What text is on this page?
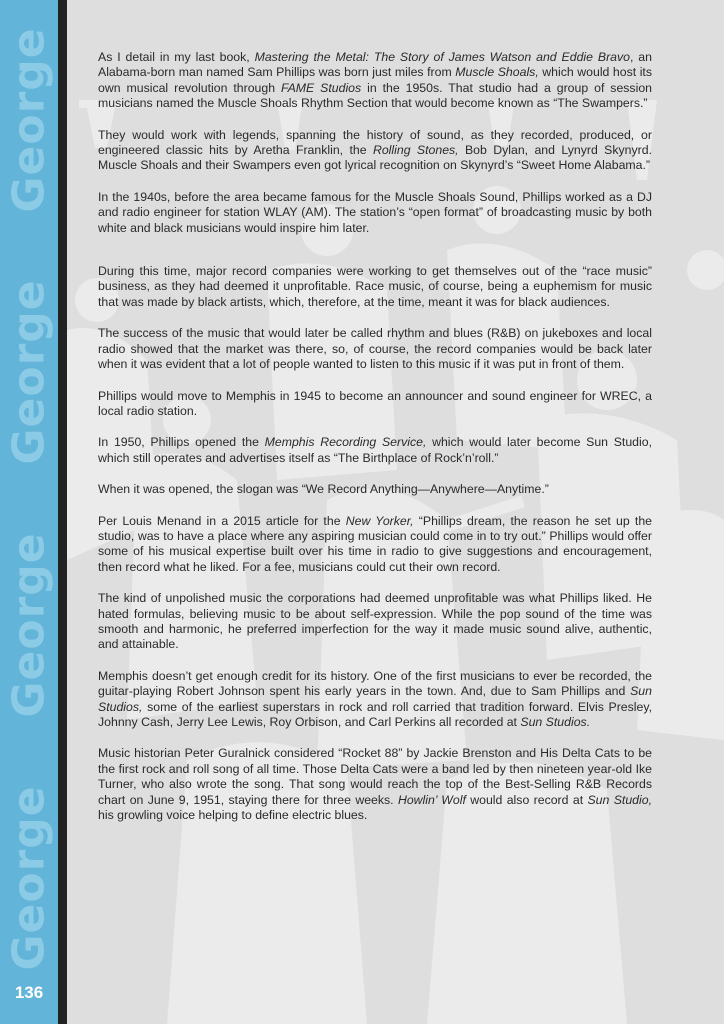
George
George
George
George
136

As I detail in my last book, Mastering the Metal: The Story of James Watson and Eddie Bravo, an Alabama-born man named Sam Phillips was born just miles from Muscle Shoals, which would host its own musical revolution through FAME Studios in the 1950s. That studio had a group of session musicians named the Muscle Shoals Rhythm Section that would become known as “The Swampers.”

They would work with legends, spanning the history of sound, as they recorded, produced, or engineered classic hits by Aretha Franklin, the Rolling Stones, Bob Dylan, and Lynyrd Skynyrd. Muscle Shoals and their Swampers even got lyrical recognition on Skynyrd’s “Sweet Home Alabama.”

In the 1940s, before the area became famous for the Muscle Shoals Sound, Phillips worked as a DJ and radio engineer for station WLAY (AM). The station’s “open format” of broadcasting music by both white and black musicians would inspire him later.

During this time, major record companies were working to get themselves out of the “race music” business, as they had deemed it unprofitable. Race music, of course, being a euphemism for music that was made by black artists, which, therefore, at the time, meant it was for black audiences.

The success of the music that would later be called rhythm and blues (R&B) on jukeboxes and local radio showed that the market was there, so, of course, the record companies would be back later when it was evident that a lot of people wanted to listen to this music if it was put in front of them.

Phillips would move to Memphis in 1945 to become an announcer and sound engineer for WREC, a local radio station.

In 1950, Phillips opened the Memphis Recording Service, which would later become Sun Studio, which still operates and advertises itself as “The Birthplace of Rock’n’roll.”

When it was opened, the slogan was “We Record Anything—Anywhere—Anytime.”

Per Louis Menand in a 2015 article for the New Yorker, “Phillips dream, the reason he set up the studio, was to have a place where any aspiring musician could come in to try out.” Phillips would offer some of his musical expertise built over his time in radio to give suggestions and encouragement, then record what he liked. For a fee, musicians could cut their own record.

The kind of unpolished music the corporations had deemed unprofitable was what Phillips liked. He hated formulas, believing music to be about self-expression. While the pop sound of the time was smooth and harmonic, he preferred imperfection for the way it made music sound alive, authentic, and attainable.

Memphis doesn’t get enough credit for its history. One of the first musicians to ever be recorded, the guitar-playing Robert Johnson spent his early years in the town. And, due to Sam Phillips and Sun Studios, some of the earliest superstars in rock and roll carried that tradition forward. Elvis Presley, Johnny Cash, Jerry Lee Lewis, Roy Orbison, and Carl Perkins all recorded at Sun Studios.

Music historian Peter Guralnick considered “Rocket 88” by Jackie Brenston and His Delta Cats to be the first rock and roll song of all time. Those Delta Cats were a band led by then nineteen year-old Ike Turner, who also wrote the song. That song would reach the top of the Best-Selling R&B Records chart on June 9, 1951, staying there for three weeks. Howlin’ Wolf would also record at Sun Studio, his growling voice helping to define electric blues.
